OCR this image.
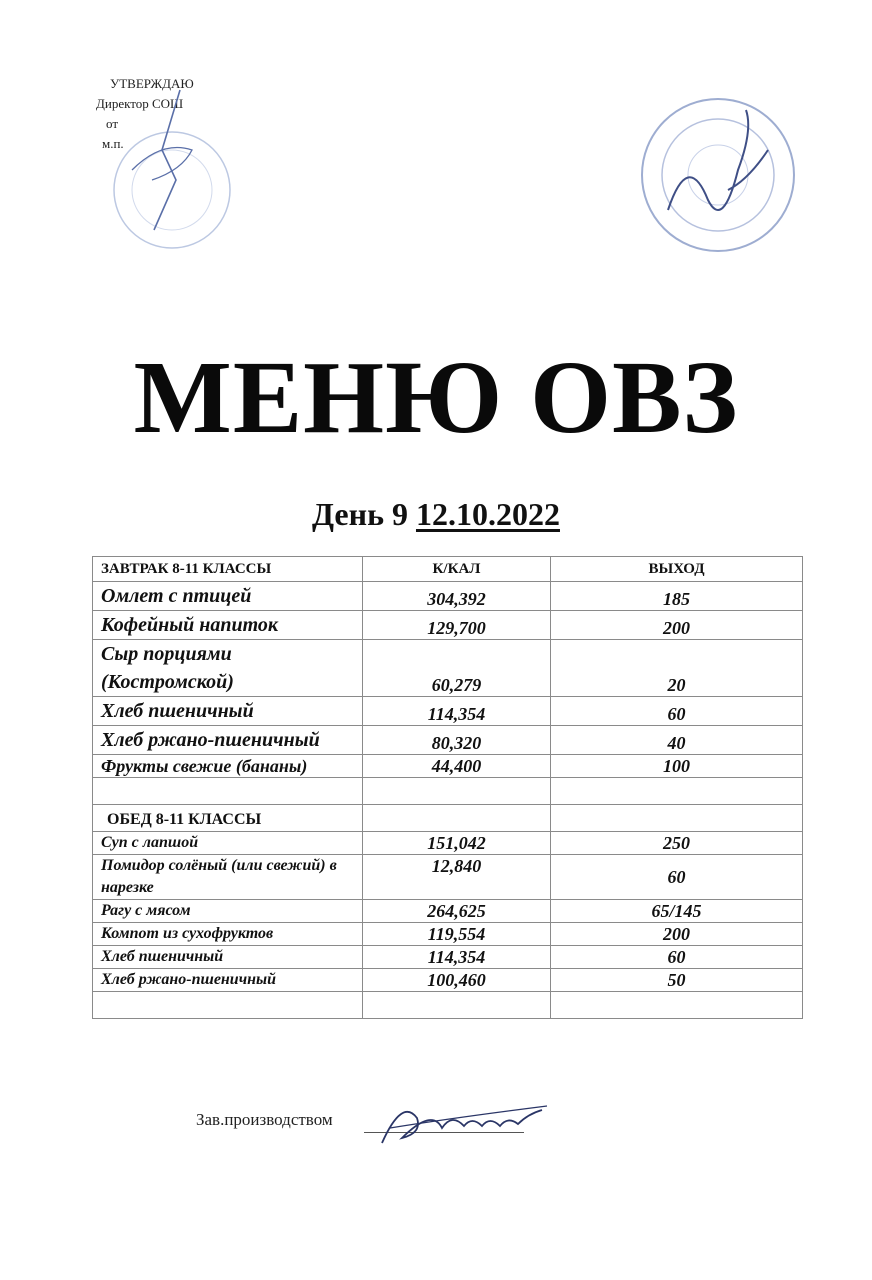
УТВЕРЖДАЮ
Директор СОШ
от
м.п.
МЕНЮ ОВЗ
День 9 12.10.2022
ЗАВТРАК 8-11 КЛАССЫ	К/КАЛ	ВЫХОД
Омлет с птицей	304,392	185
Кофейный напиток	129,700	200
Сыр порциями (Костромской)	60,279	20
Хлеб пшеничный	114,354	60
Хлеб ржано-пшеничный	80,320	40
Фрукты свежие (бананы)	44,400	100

ОБЕД 8-11 КЛАССЫ		
Суп с лапшой	151,042	250
Помидор солёный (или свежий) в нарезке	12,840	60
Рагу с мясом	264,625	65/145
Компот из сухофруктов	119,554	200
Хлеб пшеничный	114,354	60
Хлеб ржано-пшеничный	100,460	50

Зав.производством
